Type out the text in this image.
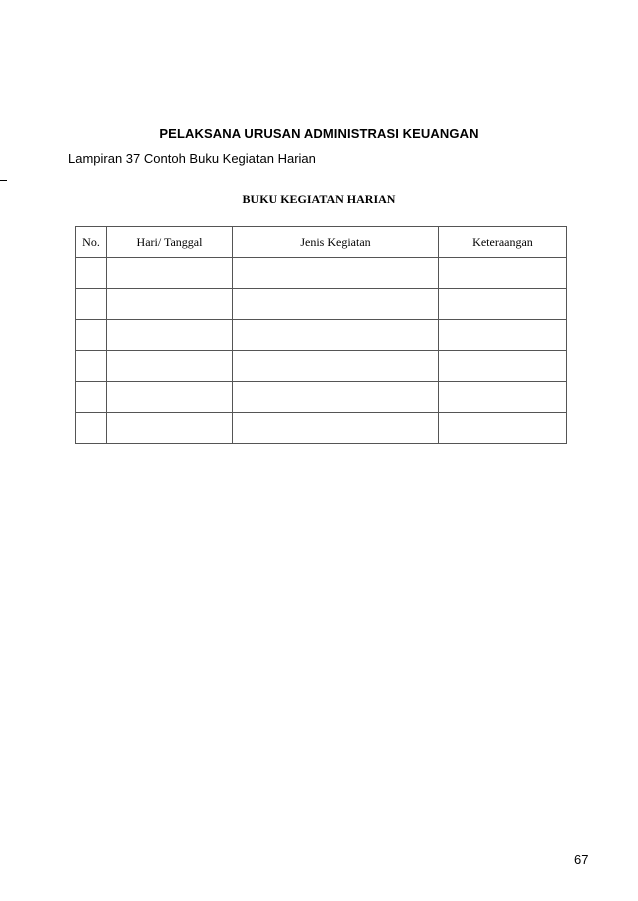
PELAKSANA URUSAN ADMINISTRASI KEUANGAN
Lampiran 37 Contoh Buku Kegiatan Harian
BUKU KEGIATAN HARIAN
No.	Hari/ Tanggal	Jenis Kegiatan	Keteraangan

67
